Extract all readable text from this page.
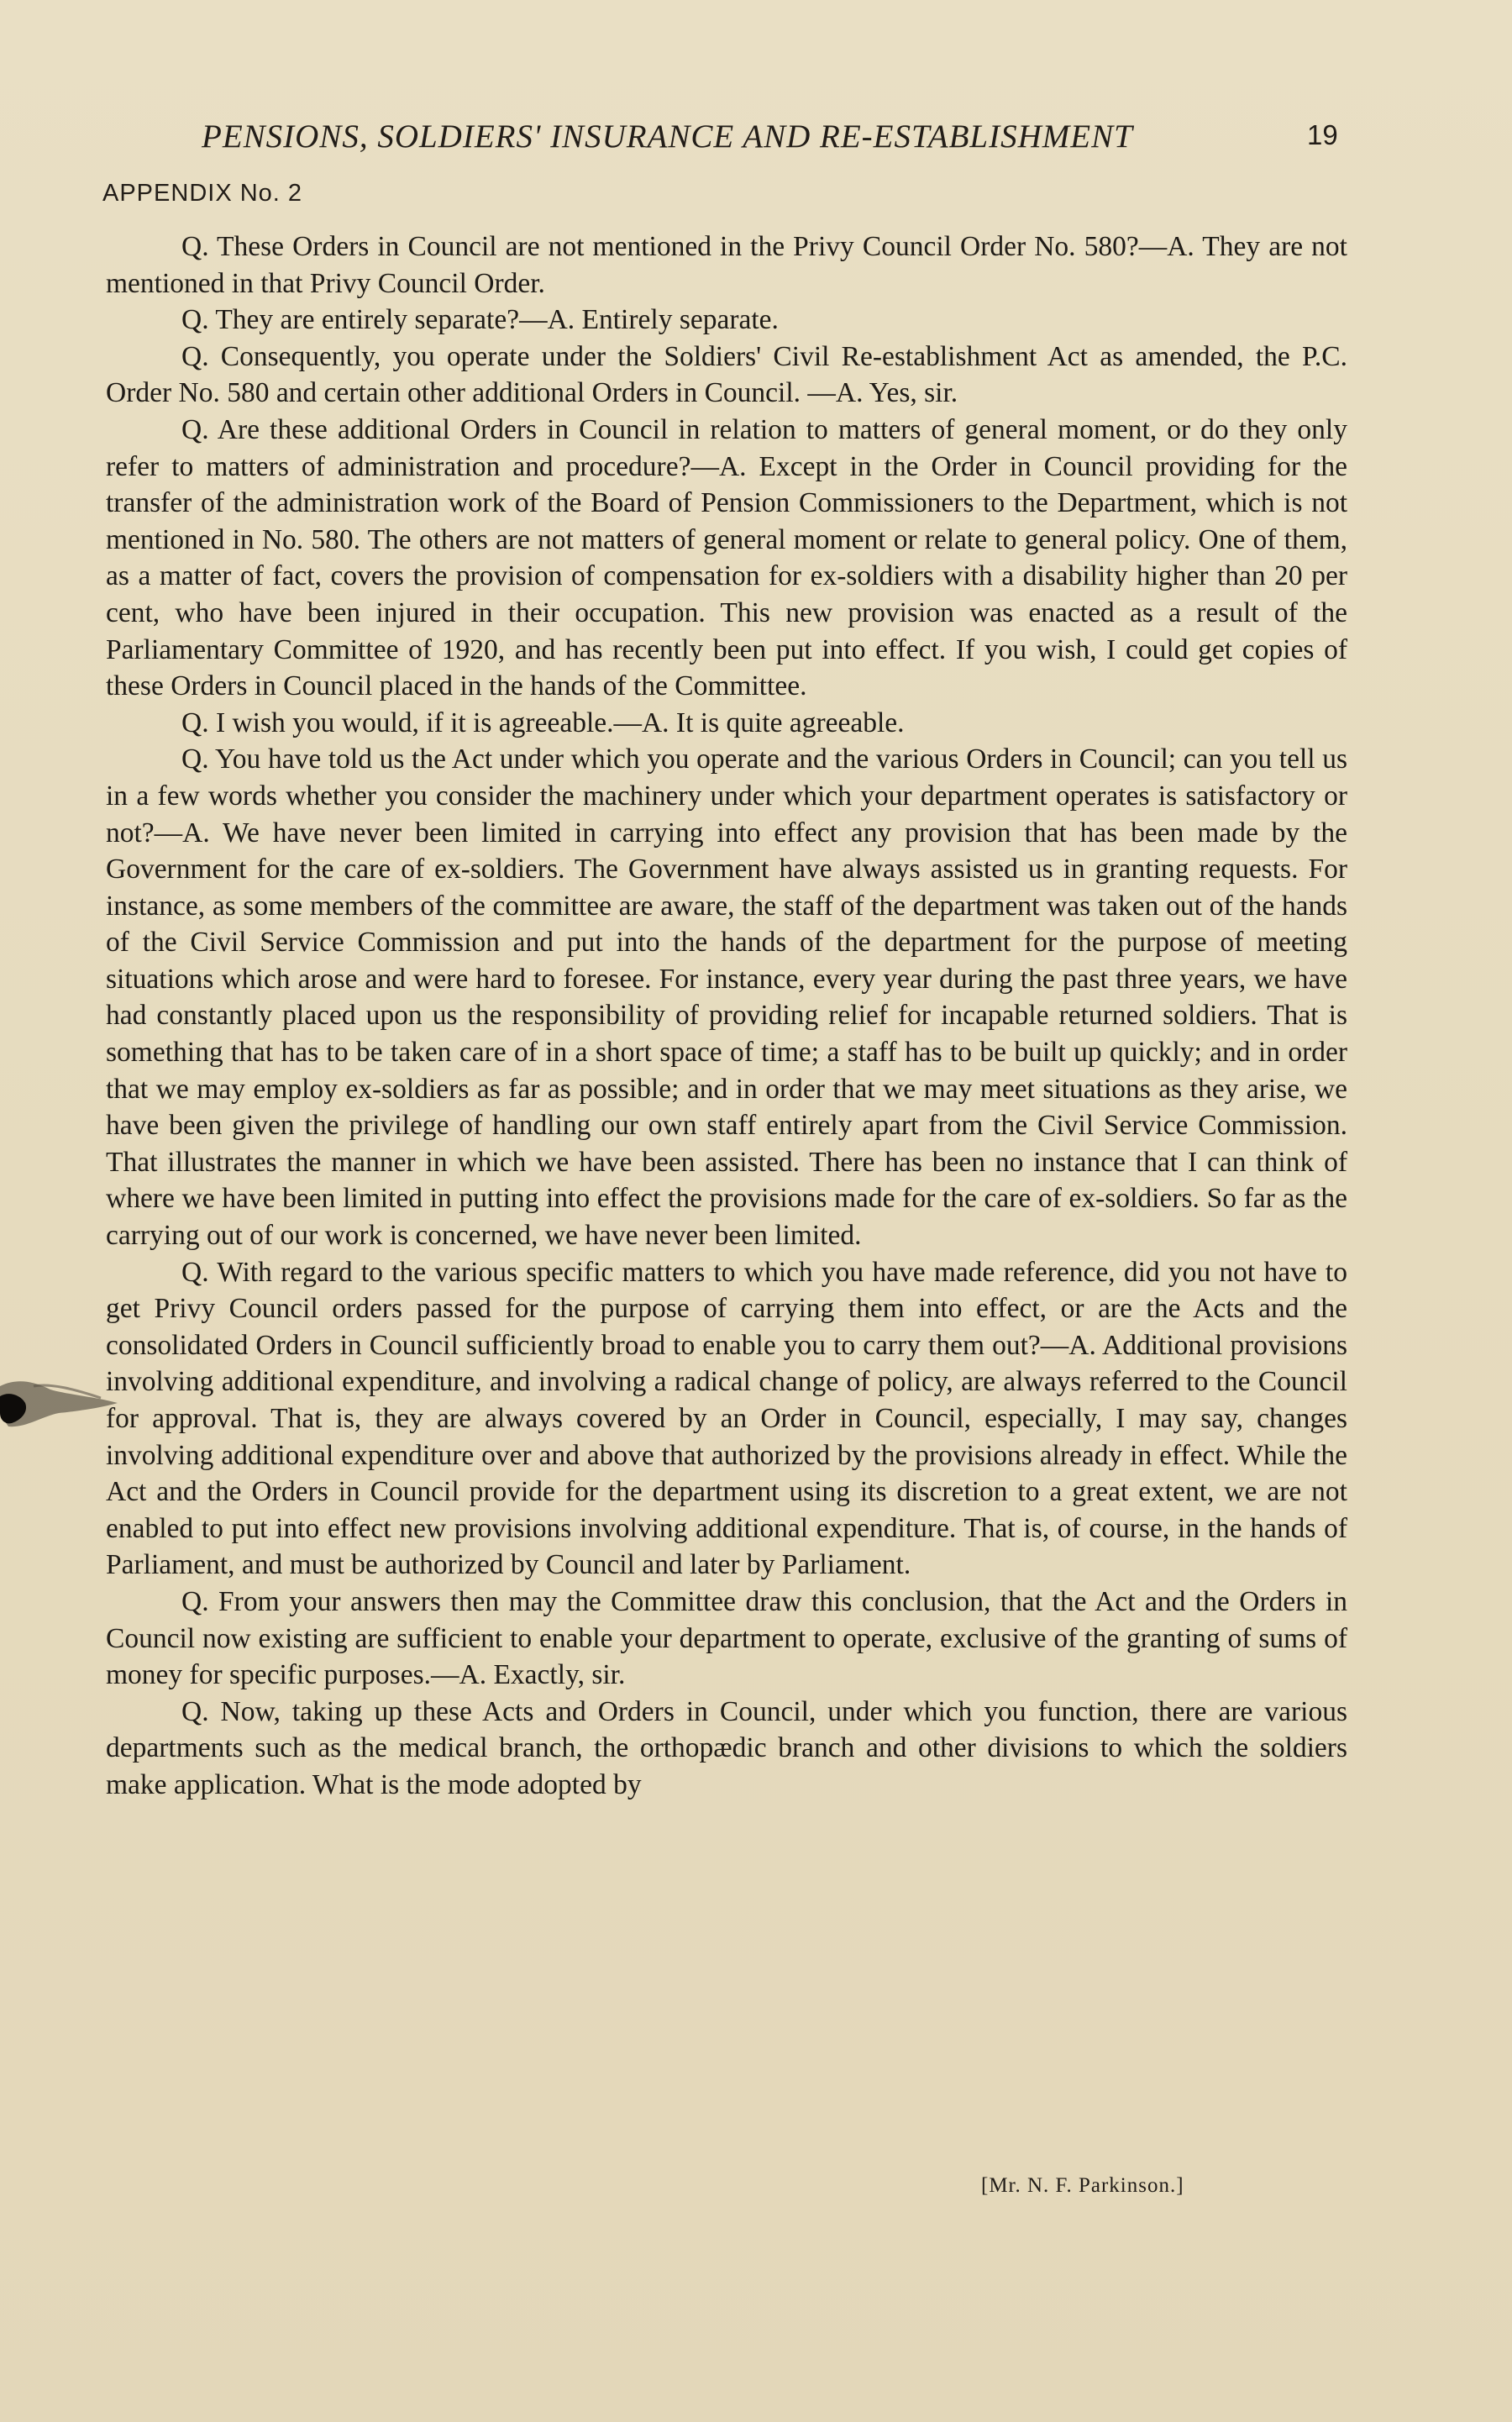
PENSIONS, SOLDIERS' INSURANCE AND RE-ESTABLISHMENT	19
APPENDIX No. 2

Q. These Orders in Council are not mentioned in the Privy Council Order No. 580?—A. They are not mentioned in that Privy Council Order.

Q. They are entirely separate?—A. Entirely separate.

Q. Consequently, you operate under the Soldiers' Civil Re-establishment Act as amended, the P.C. Order No. 580 and certain other additional Orders in Council. —A. Yes, sir.

Q. Are these additional Orders in Council in relation to matters of general moment, or do they only refer to matters of administration and procedure?—A. Except in the Order in Council providing for the transfer of the administration work of the Board of Pension Commissioners to the Department, which is not mentioned in No. 580. The others are not matters of general moment or relate to general policy. One of them, as a matter of fact, covers the provision of compensation for ex-soldiers with a disability higher than 20 per cent, who have been injured in their occupation. This new provision was enacted as a result of the Parliamentary Committee of 1920, and has recently been put into effect. If you wish, I could get copies of these Orders in Council placed in the hands of the Committee.

Q. I wish you would, if it is agreeable.—A. It is quite agreeable.

Q. You have told us the Act under which you operate and the various Orders in Council; can you tell us in a few words whether you consider the machinery under which your department operates is satisfactory or not?—A. We have never been limited in carrying into effect any provision that has been made by the Government for the care of ex-soldiers. The Government have always assisted us in granting requests. For instance, as some members of the committee are aware, the staff of the department was taken out of the hands of the Civil Service Commission and put into the hands of the department for the purpose of meeting situations which arose and were hard to foresee. For instance, every year during the past three years, we have had constantly placed upon us the responsibility of providing relief for incapable returned soldiers. That is something that has to be taken care of in a short space of time; a staff has to be built up quickly; and in order that we may employ ex-soldiers as far as possible; and in order that we may meet situations as they arise, we have been given the privilege of handling our own staff entirely apart from the Civil Service Commission. That illustrates the manner in which we have been assisted. There has been no instance that I can think of where we have been limited in putting into effect the provisions made for the care of ex-soldiers. So far as the carrying out of our work is concerned, we have never been limited.

Q. With regard to the various specific matters to which you have made reference, did you not have to get Privy Council orders passed for the purpose of carrying them into effect, or are the Acts and the consolidated Orders in Council sufficiently broad to enable you to carry them out?—A. Additional provisions involving additional expenditure, and involving a radical change of policy, are always referred to the Council for approval. That is, they are always covered by an Order in Council, especially, I may say, changes involving additional expenditure over and above that authorized by the provisions already in effect. While the Act and the Orders in Council provide for the department using its discretion to a great extent, we are not enabled to put into effect new provisions involving additional expenditure. That is, of course, in the hands of Parliament, and must be authorized by Council and later by Parliament.

Q. From your answers then may the Committee draw this conclusion, that the Act and the Orders in Council now existing are sufficient to enable your department to operate, exclusive of the granting of sums of money for specific purposes.—A. Exactly, sir.

Q. Now, taking up these Acts and Orders in Council, under which you function, there are various departments such as the medical branch, the orthopædic branch and other divisions to which the soldiers make application. What is the mode adopted by

[Mr. N. F. Parkinson.]
